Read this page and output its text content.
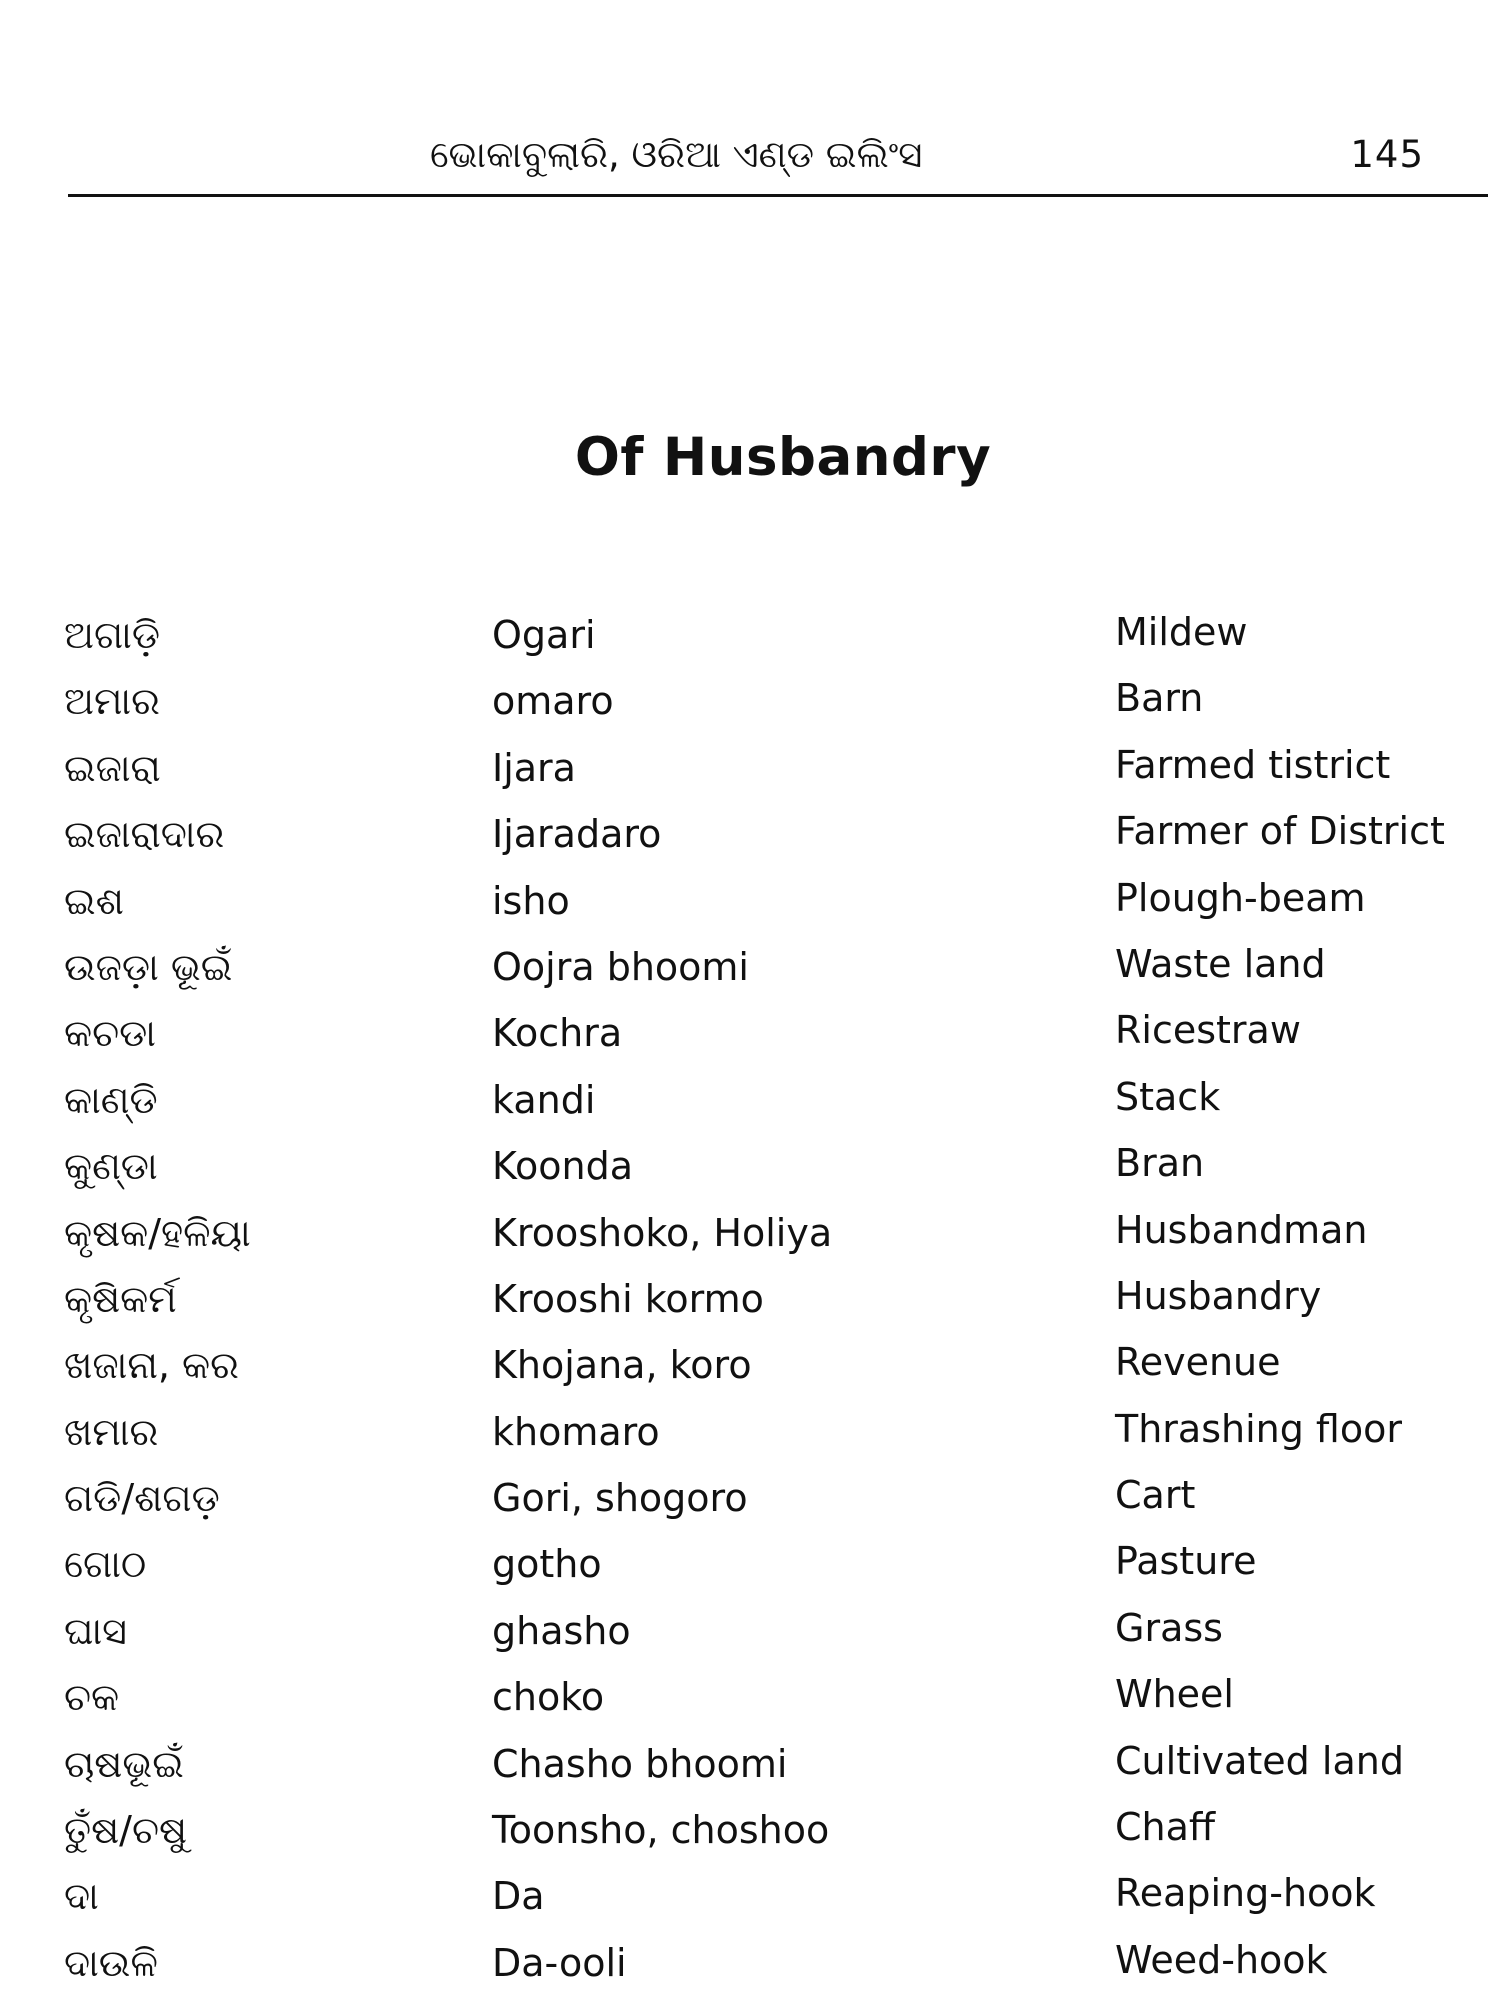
ଭୋକାବୁଲାରି, ଓରିଆ ଏଣ୍ଡ ଇଲିଂସ	145
Of Husbandry
ଅଗାଡ଼ି	Ogari	Mildew
ଅମାର	omaro	Barn
ଇଜାରା	Ijara	Farmed tistrict
ଇଜାରାଦାର	Ijaradaro	Farmer of District
ଇଶ	isho	Plough-beam
ଉଜଡ଼ା ଭୂଇଁ	Oojra bhoomi	Waste land
କଚଡା	Kochra	Ricestraw
କାଣ୍ଡି	kandi	Stack
କୁଣ୍ଡା	Koonda	Bran
କୃଷକ/ହଳିୟା	Krooshoko, Holiya	Husbandman
କୃଷିକର୍ମ	Krooshi kormo	Husbandry
ଖଜାନା, କର	Khojana, koro	Revenue
ଖମାର	khomaro	Thrashing floor
ଗଡି/ଶଗଡ଼	Gori, shogoro	Cart
ଗୋଠ	gotho	Pasture
ଘାସ	ghasho	Grass
ଚକ	choko	Wheel
ଚାଷଭୂଇଁ	Chasho bhoomi	Cultivated land
ତୁଁଷ/ଚଷୁ	Toonsho, choshoo	Chaff
ଦା	Da	Reaping-hook
ଦାଉଳି	Da-ooli	Weed-hook
